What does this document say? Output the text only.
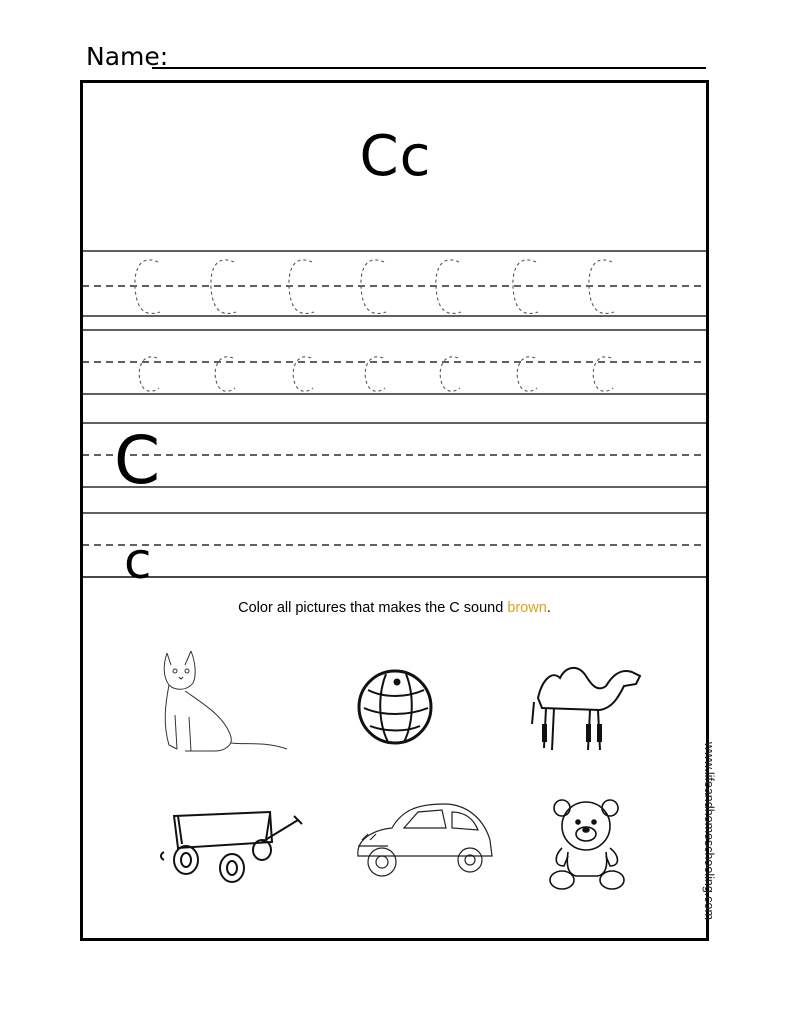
Name:
Cc
C
c
Color all pictures that makes the C sound brown.
www.lifeandhomeschooling.com
